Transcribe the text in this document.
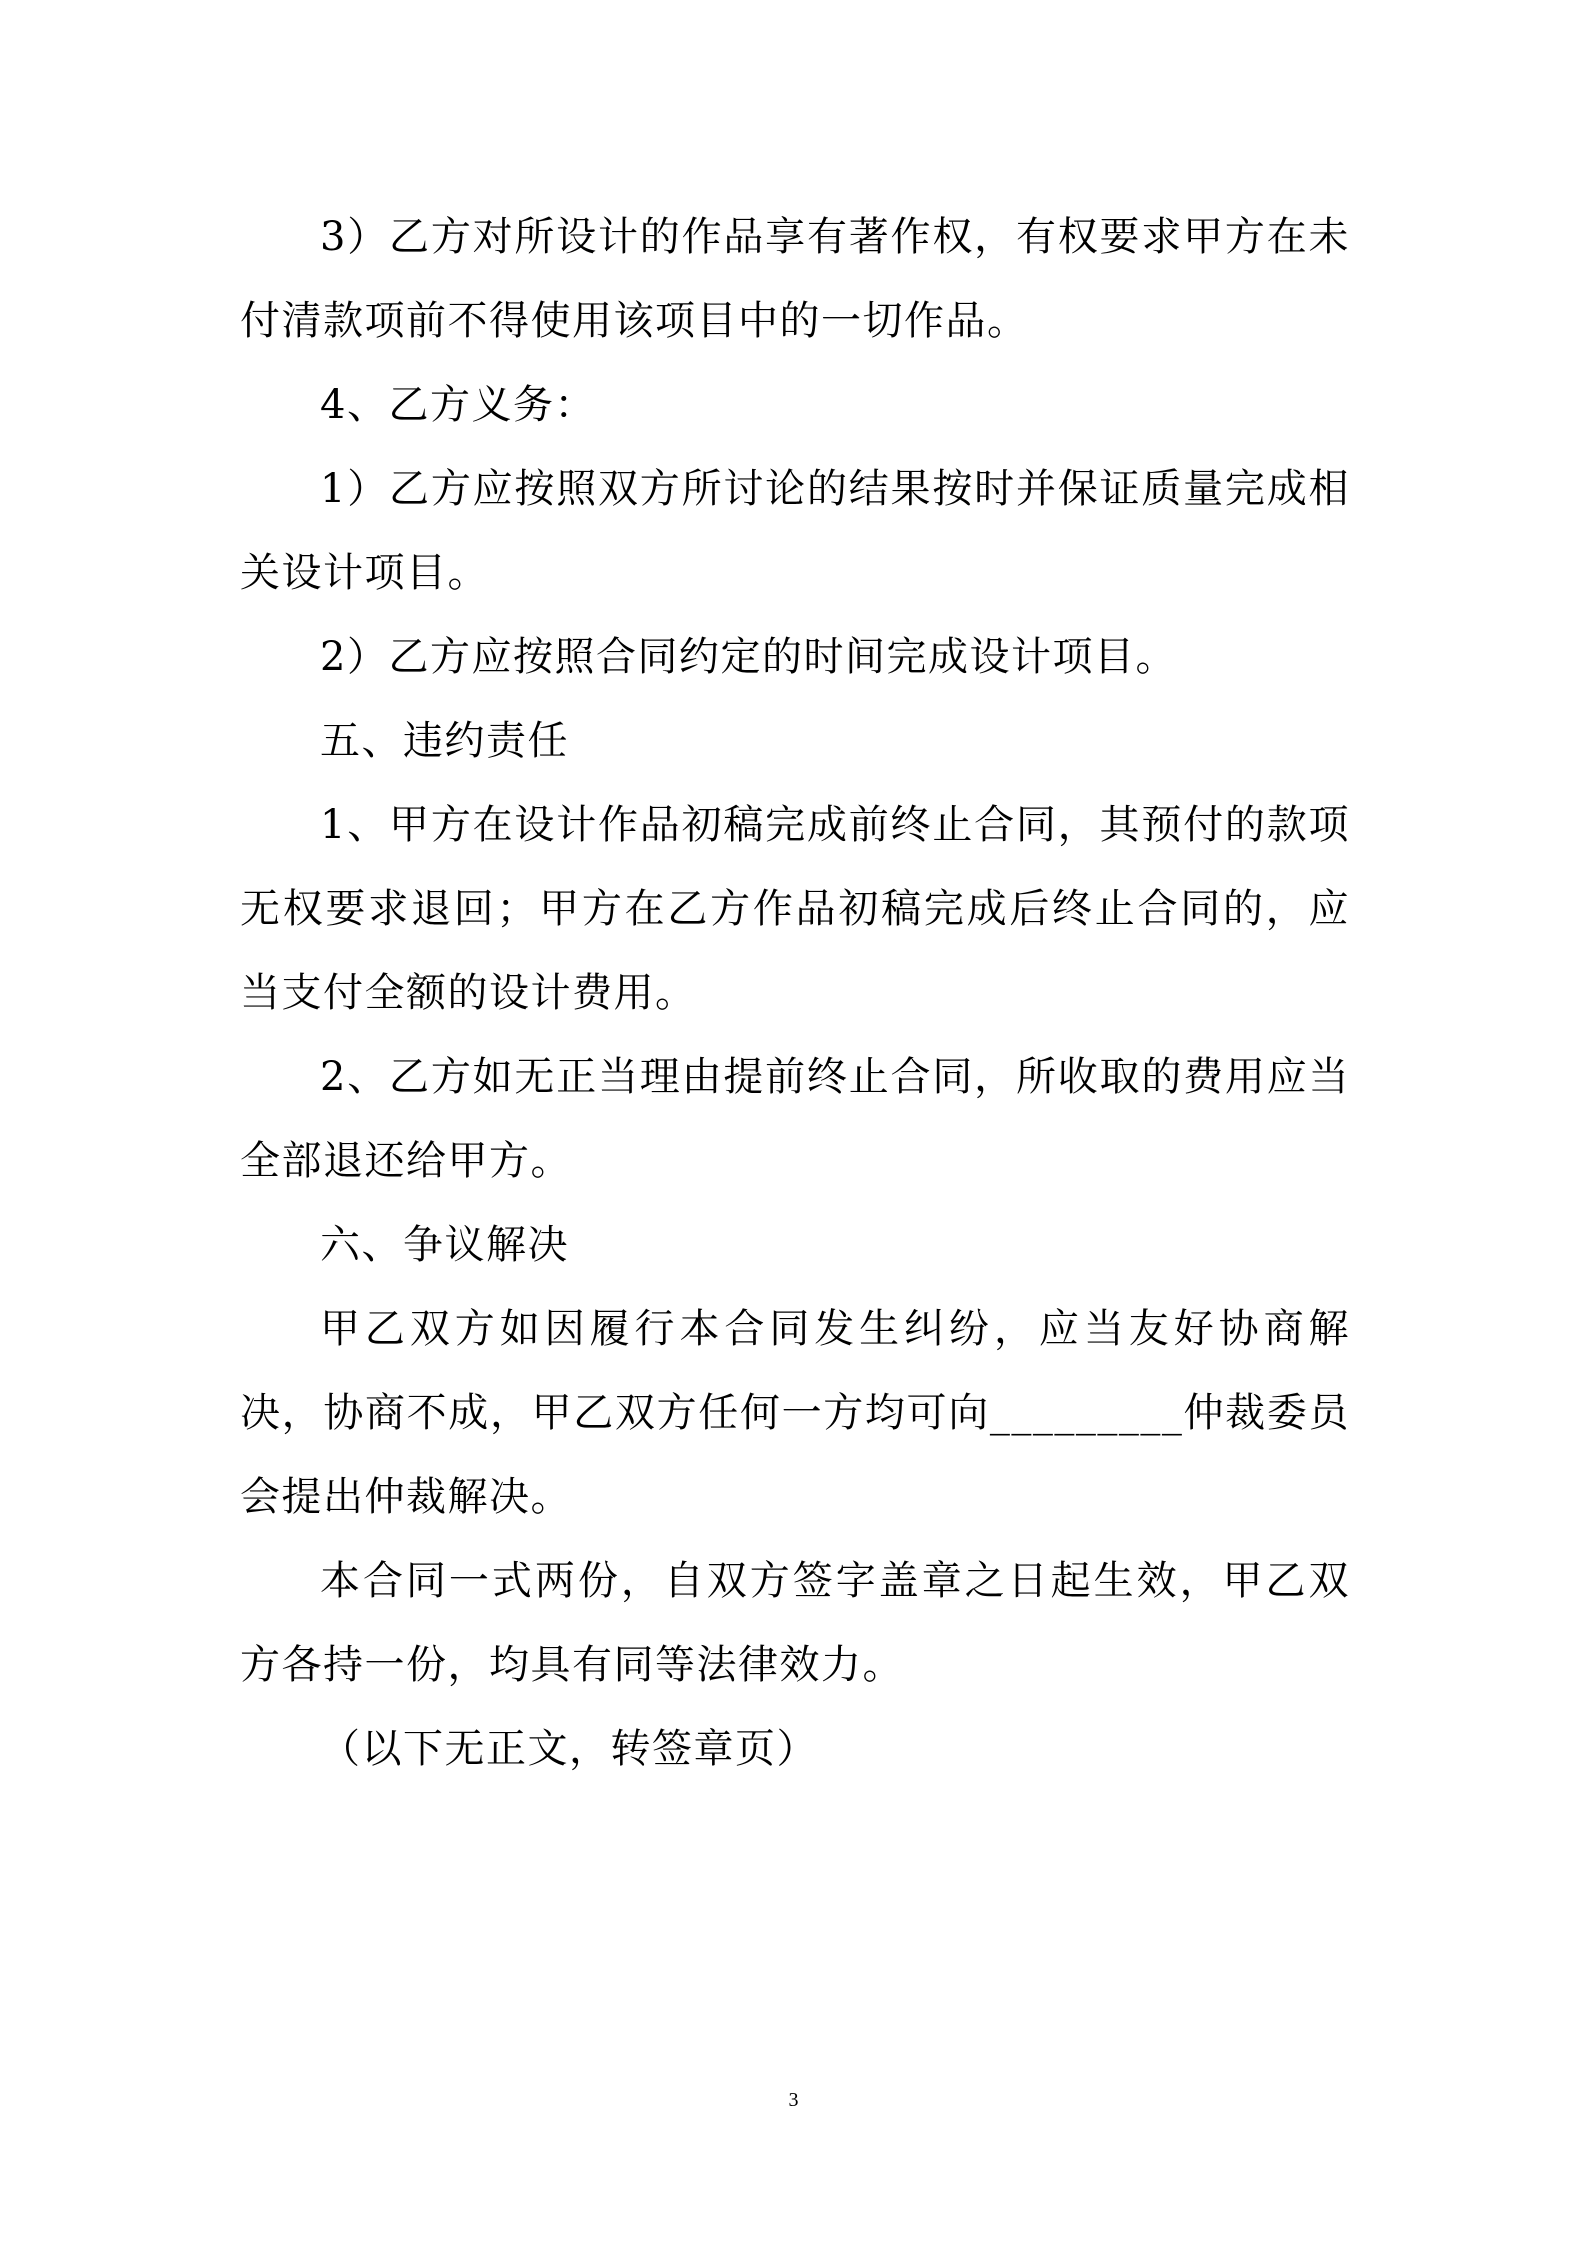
3）乙方对所设计的作品享有著作权，有权要求甲方在未付清款项前不得使用该项目中的一切作品。

4、乙方义务：

1）乙方应按照双方所讨论的结果按时并保证质量完成相关设计项目。

2）乙方应按照合同约定的时间完成设计项目。

五、违约责任

1、甲方在设计作品初稿完成前终止合同，其预付的款项无权要求退回；甲方在乙方作品初稿完成后终止合同的，应当支付全额的设计费用。

2、乙方如无正当理由提前终止合同，所收取的费用应当全部退还给甲方。

六、争议解决

甲乙双方如因履行本合同发生纠纷，应当友好协商解决，协商不成，甲乙双方任何一方均可向_________仲裁委员会提出仲裁解决。

本合同一式两份，自双方签字盖章之日起生效，甲乙双方各持一份，均具有同等法律效力。

（以下无正文，转签章页）

3
